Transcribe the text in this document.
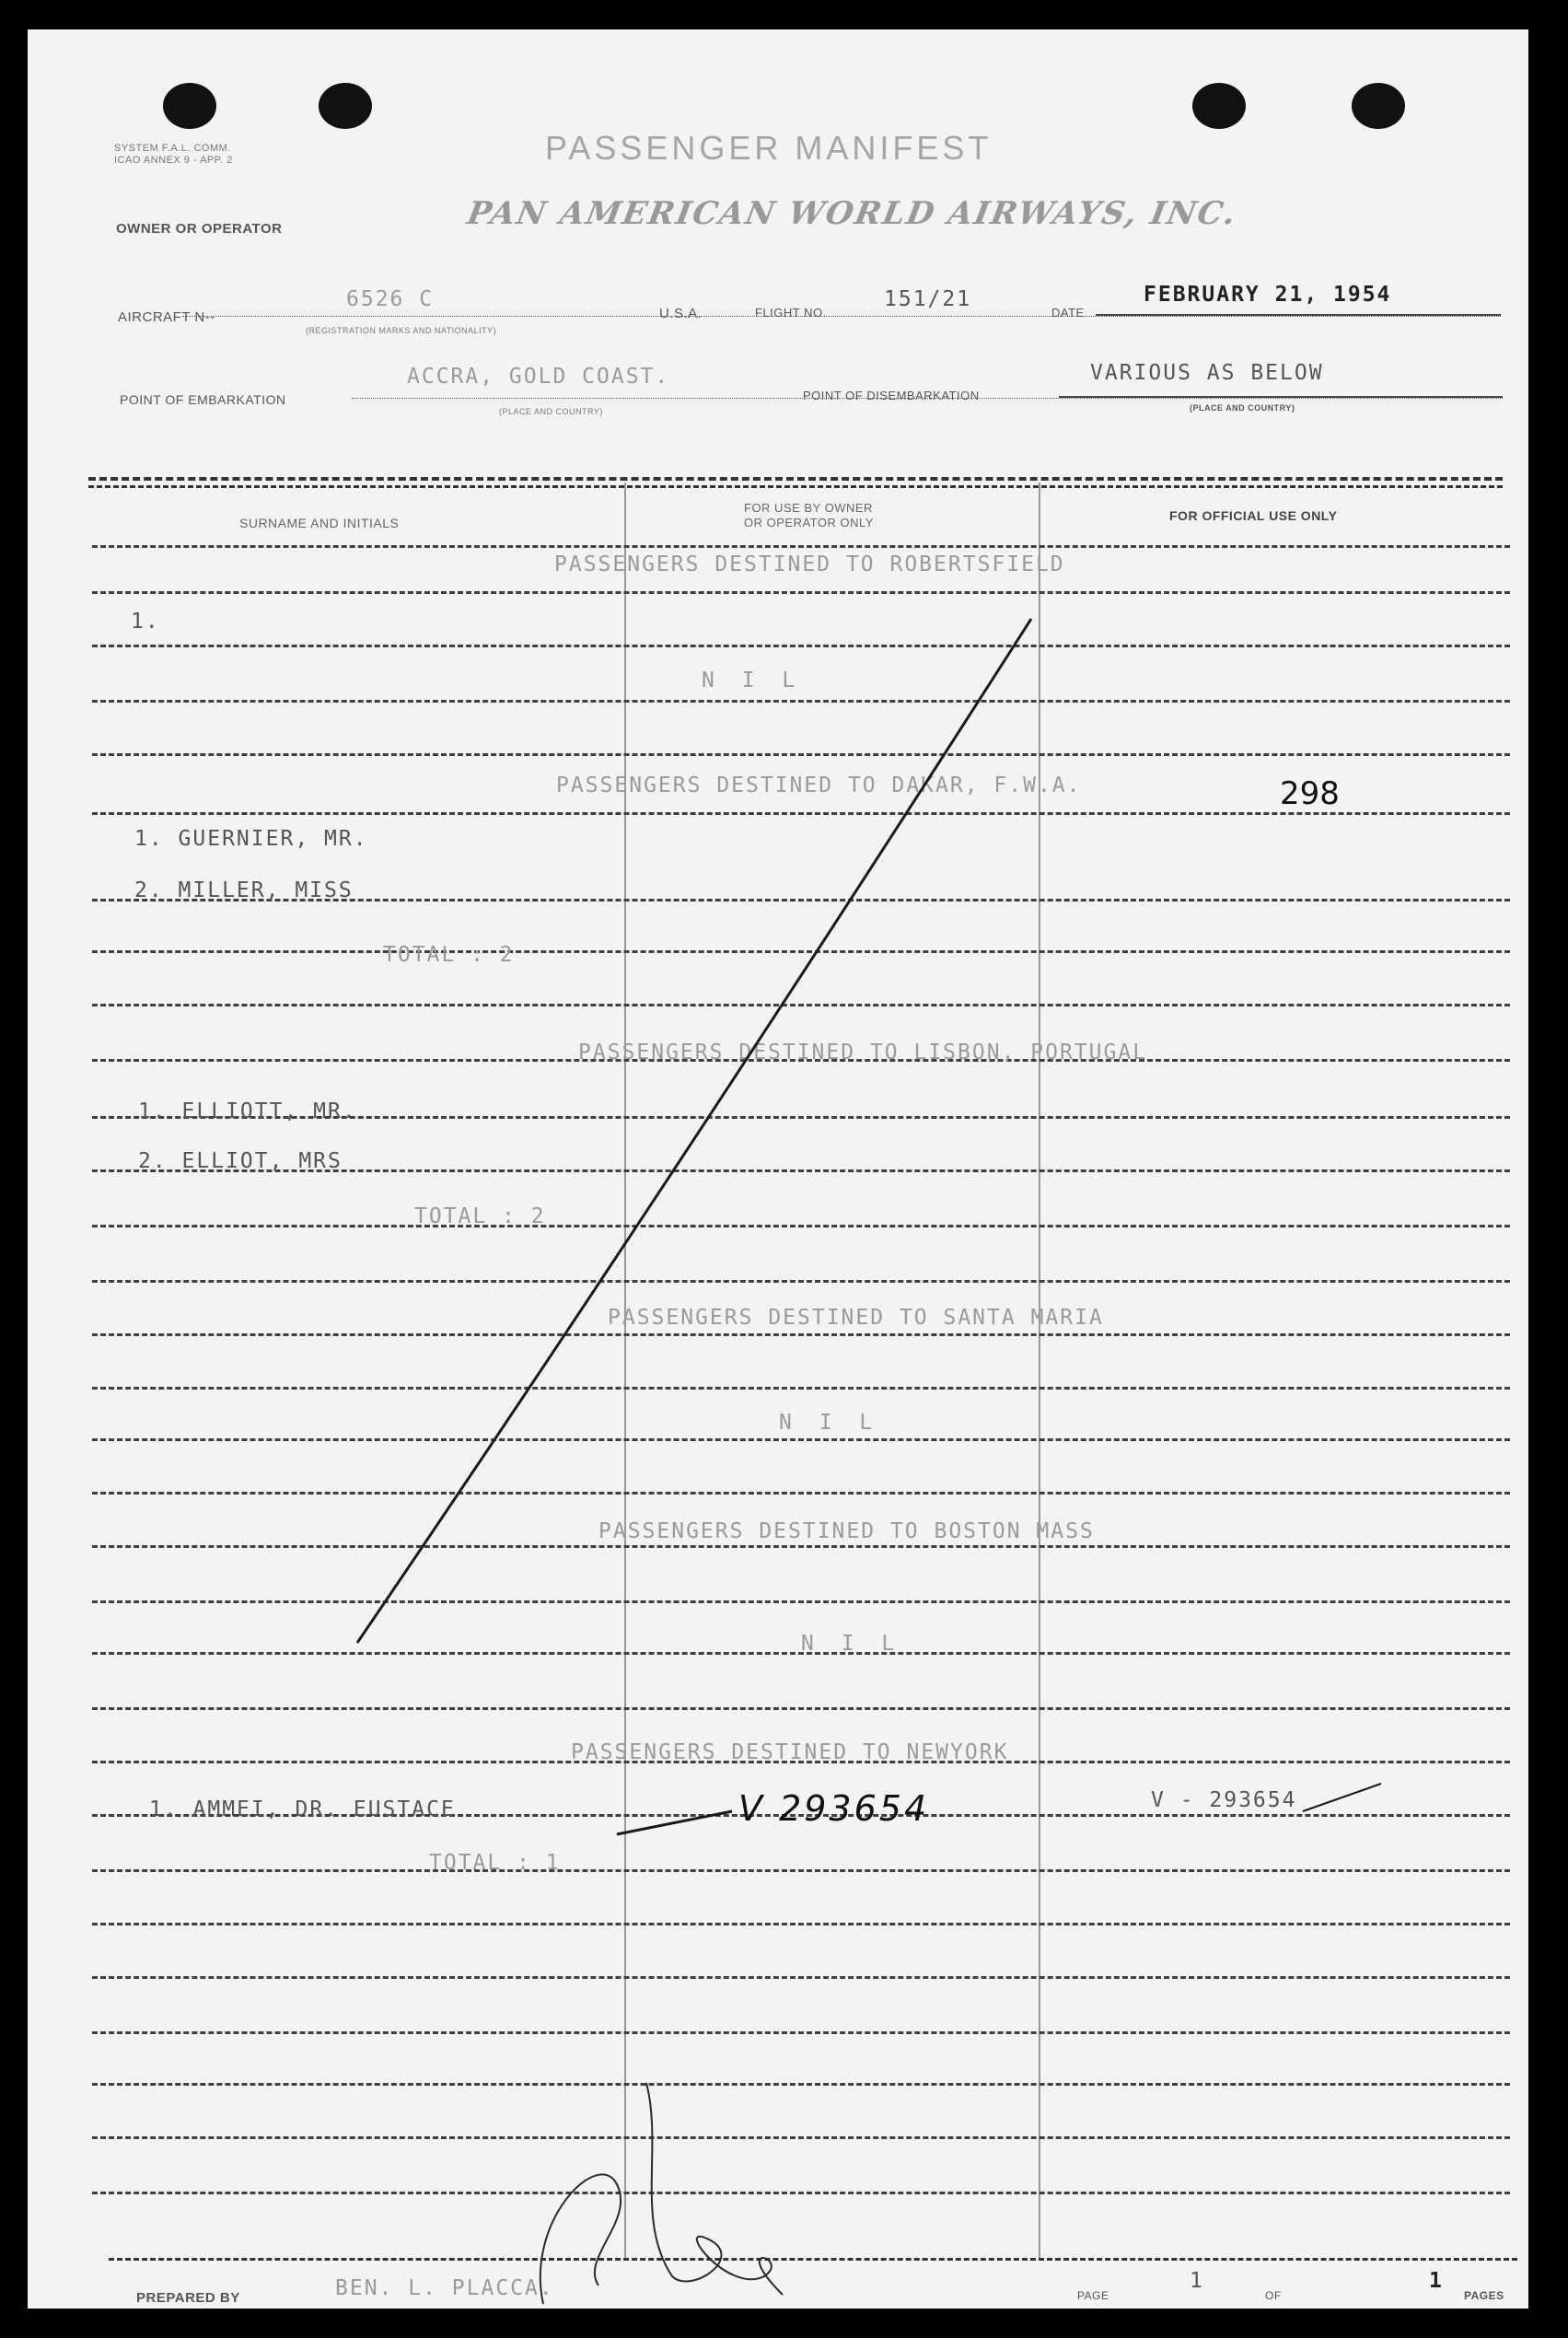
SYSTEM F.A.L. COMM.
ICAO ANNEX 9 - APP. 2	PASSENGER MANIFEST
OWNER OR OPERATOR	PAN AMERICAN WORLD AIRWAYS, INC.
AIRCRAFT N--
6526 C
(REGISTRATION MARKS AND NATIONALITY)
U.S.A.	FLIGHT NO.
151/21
DATE
FEBRUARY 21, 1954
POINT OF EMBARKATION
ACCRA, GOLD COAST.
(PLACE AND COUNTRY)
POINT OF DISEMBARKATION
VARIOUS AS BELOW
(PLACE AND COUNTRY)
SURNAME AND INITIALS
FOR USE BY OWNER
OR OPERATOR ONLY	FOR OFFICIAL USE ONLY
PASSENGERS DESTINED TO ROBERTSFIELD
1.
N I L
PASSENGERS DESTINED TO DAKAR, F.W.A.	298
1. GUERNIER, MR.
2. MILLER, MISS
TOTAL : 2
PASSENGERS DESTINED TO LISBON, PORTUGAL
1. ELLIOTT, MR.
2. ELLIOT, MRS
TOTAL : 2
PASSENGERS DESTINED TO SANTA MARIA
N I L
PASSENGERS DESTINED TO BOSTON MASS
N I L
PASSENGERS DESTINED TO NEWYORK
1. AMMEI, DR. EUSTACE
TOTAL : 1
V 293654	V - 293654
PREPARED BY	BEN. L. PLACCA.	PAGE
1
OF
1
PAGES
